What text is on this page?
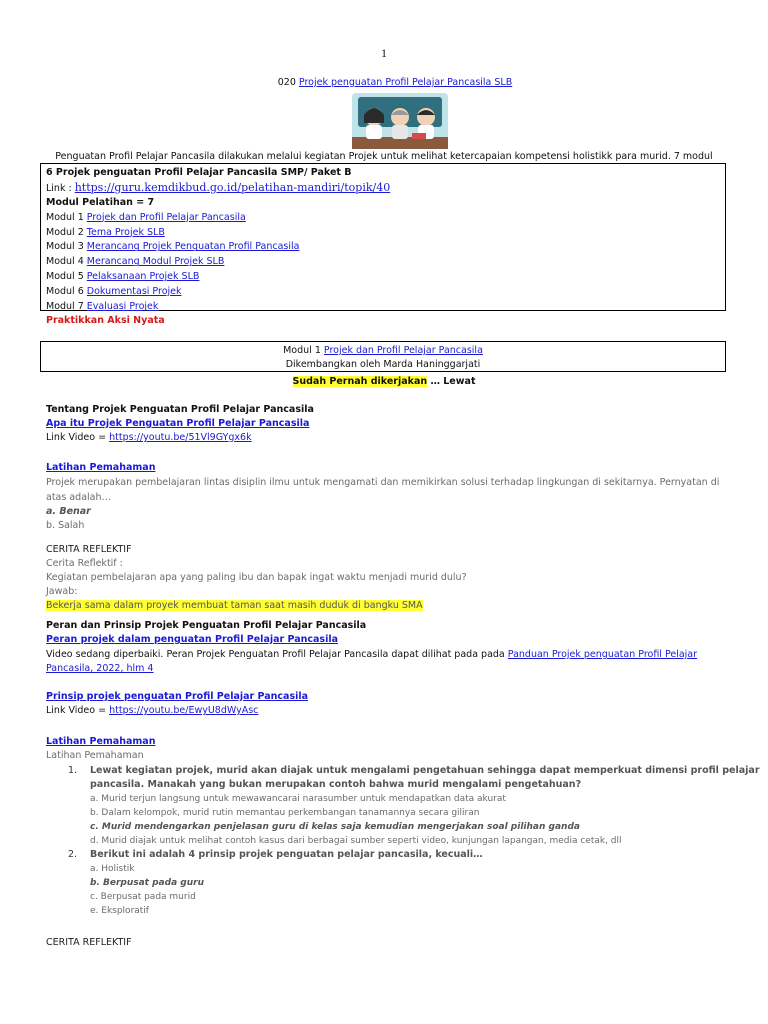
1
020 Projek penguatan Profil Pelajar Pancasila SLB
Penguatan Profil Pelajar Pancasila dilakukan melalui kegiatan Projek untuk melihat ketercapaian kompetensi holistikk para murid. 7 modul
6 Projek penguatan Profil Pelajar Pancasila SMP/ Paket B
Link : https://guru.kemdikbud.go.id/pelatihan-mandiri/topik/40
Modul Pelatihan = 7
Modul 1 Projek dan Profil Pelajar Pancasila
Modul 2 Tema Projek SLB
Modul 3 Merancang Projek Penguatan Profil Pancasila
Modul 4 Merancang Modul Projek SLB
Modul 5 Pelaksanaan Projek SLB
Modul 6 Dokumentasi Projek
Modul 7 Evaluasi Projek
Praktikkan Aksi Nyata
Modul 1 Projek dan Profil Pelajar Pancasila
Dikembangkan oleh Marda Haninggarjati
Sudah Pernah dikerjakan … Lewat
Tentang Projek Penguatan Profil Pelajar Pancasila
Apa itu Projek Penguatan Profil Pelajar Pancasila
Link Video = https://youtu.be/51Vl9GYgx6k
Latihan Pemahaman
Projek merupakan pembelajaran lintas disiplin ilmu untuk mengamati dan memikirkan solusi terhadap lingkungan di sekitarnya. Pernyatan di
atas adalah…
a. Benar
b. Salah
CERITA REFLEKTIF
Cerita Reflektif :
Kegiatan pembelajaran apa yang paling ibu dan bapak ingat waktu menjadi murid dulu?
Jawab:
Bekerja sama dalam proyek membuat taman saat masih duduk di bangku SMA
Peran dan Prinsip Projek Penguatan Profil Pelajar Pancasila
Peran projek dalam penguatan Profil Pelajar Pancasila
Video sedang diperbaiki. Peran Projek Penguatan Profil Pelajar Pancasila dapat dilihat pada pada Panduan Projek penguatan Profil Pelajar
Pancasila, 2022, hlm 4
Prinsip projek penguatan Profil Pelajar Pancasila
Link Video = https://youtu.be/EwyU8dWyAsc
Latihan Pemahaman
Latihan Pemahaman
1. Lewat kegiatan projek, murid akan diajak untuk mengalami pengetahuan sehingga dapat memperkuat dimensi profil pelajar
pancasila. Manakah yang bukan merupakan contoh bahwa murid mengalami pengetahuan?
a. Murid terjun langsung untuk mewawancarai narasumber untuk mendapatkan data akurat
b. Dalam kelompok, murid rutin memantau perkembangan tanamannya secara giliran
c. Murid mendengarkan penjelasan guru di kelas saja kemudian mengerjakan soal pilihan ganda
d. Murid diajak untuk melihat contoh kasus dari berbagai sumber seperti video, kunjungan lapangan, media cetak, dll
2. Berikut ini adalah 4 prinsip projek penguatan pelajar pancasila, kecuali…
a. Holistik
b. Berpusat pada guru
c. Berpusat pada murid
e. Eksploratif
CERITA REFLEKTIF
